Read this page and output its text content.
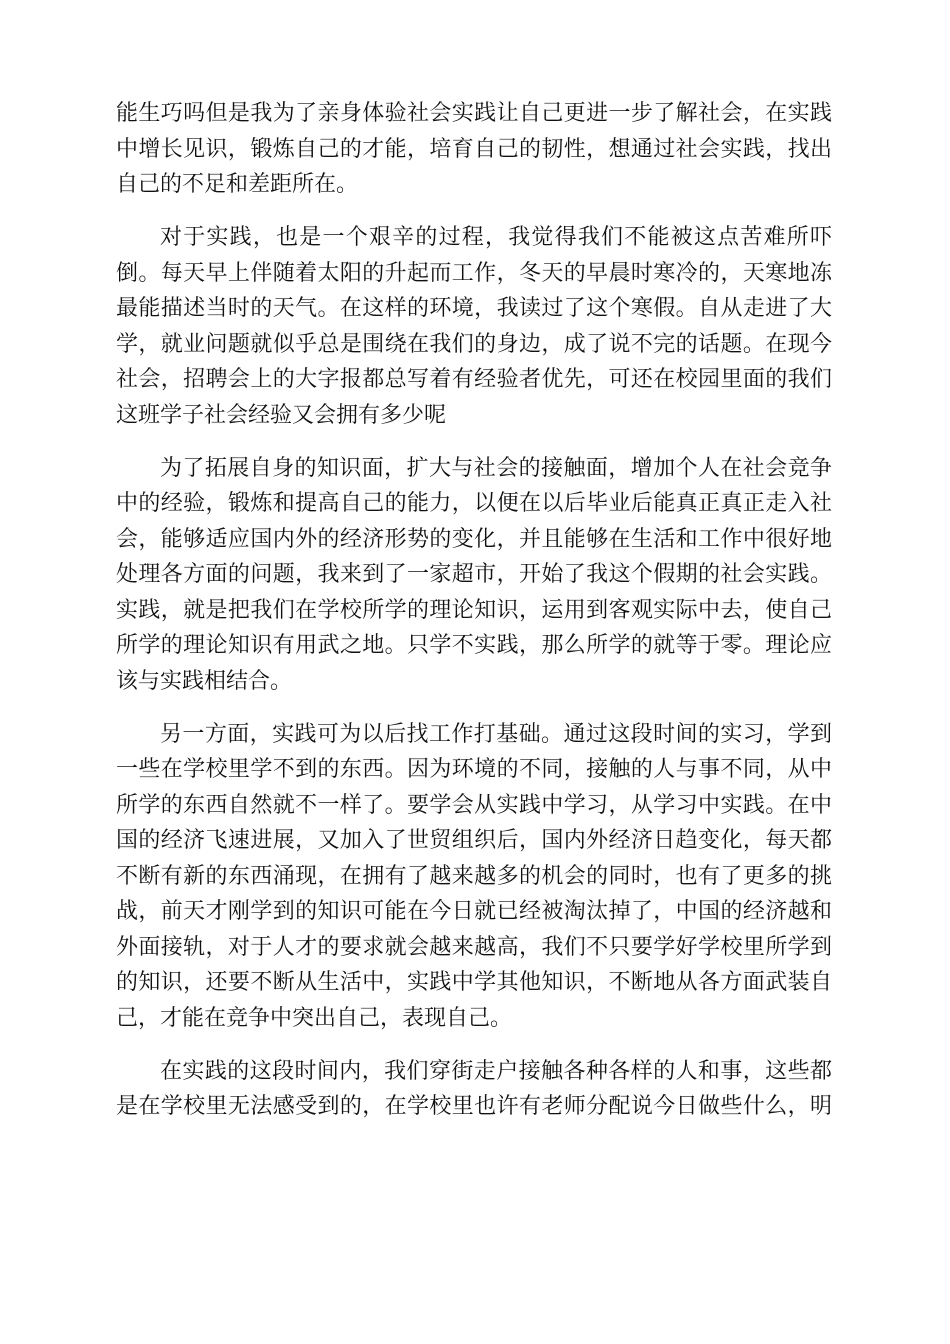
能生巧吗但是我为了亲身体验社会实践让自己更进一步了解社会，在实践
中增长见识，锻炼自己的才能，培育自己的韧性，想通过社会实践，找出
自己的不足和差距所在。
对于实践，也是一个艰辛的过程，我觉得我们不能被这点苦难所吓
倒。每天早上伴随着太阳的升起而工作，冬天的早晨时寒冷的，天寒地冻
最能描述当时的天气。在这样的环境，我读过了这个寒假。自从走进了大
学，就业问题就似乎总是围绕在我们的身边，成了说不完的话题。在现今
社会，招聘会上的大字报都总写着有经验者优先，可还在校园里面的我们
这班学子社会经验又会拥有多少呢
为了拓展自身的知识面，扩大与社会的接触面，增加个人在社会竞争
中的经验，锻炼和提高自己的能力，以便在以后毕业后能真正真正走入社
会，能够适应国内外的经济形势的变化，并且能够在生活和工作中很好地
处理各方面的问题，我来到了一家超市，开始了我这个假期的社会实践。
实践，就是把我们在学校所学的理论知识，运用到客观实际中去，使自己
所学的理论知识有用武之地。只学不实践，那么所学的就等于零。理论应
该与实践相结合。
另一方面，实践可为以后找工作打基础。通过这段时间的实习，学到
一些在学校里学不到的东西。因为环境的不同，接触的人与事不同，从中
所学的东西自然就不一样了。要学会从实践中学习，从学习中实践。在中
国的经济飞速进展，又加入了世贸组织后，国内外经济日趋变化，每天都
不断有新的东西涌现，在拥有了越来越多的机会的同时，也有了更多的挑
战，前天才刚学到的知识可能在今日就已经被淘汰掉了，中国的经济越和
外面接轨，对于人才的要求就会越来越高，我们不只要学好学校里所学到
的知识，还要不断从生活中，实践中学其他知识，不断地从各方面武装自
己，才能在竞争中突出自己，表现自己。
在实践的这段时间内，我们穿街走户接触各种各样的人和事，这些都
是在学校里无法感受到的，在学校里也许有老师分配说今日做些什么，明
